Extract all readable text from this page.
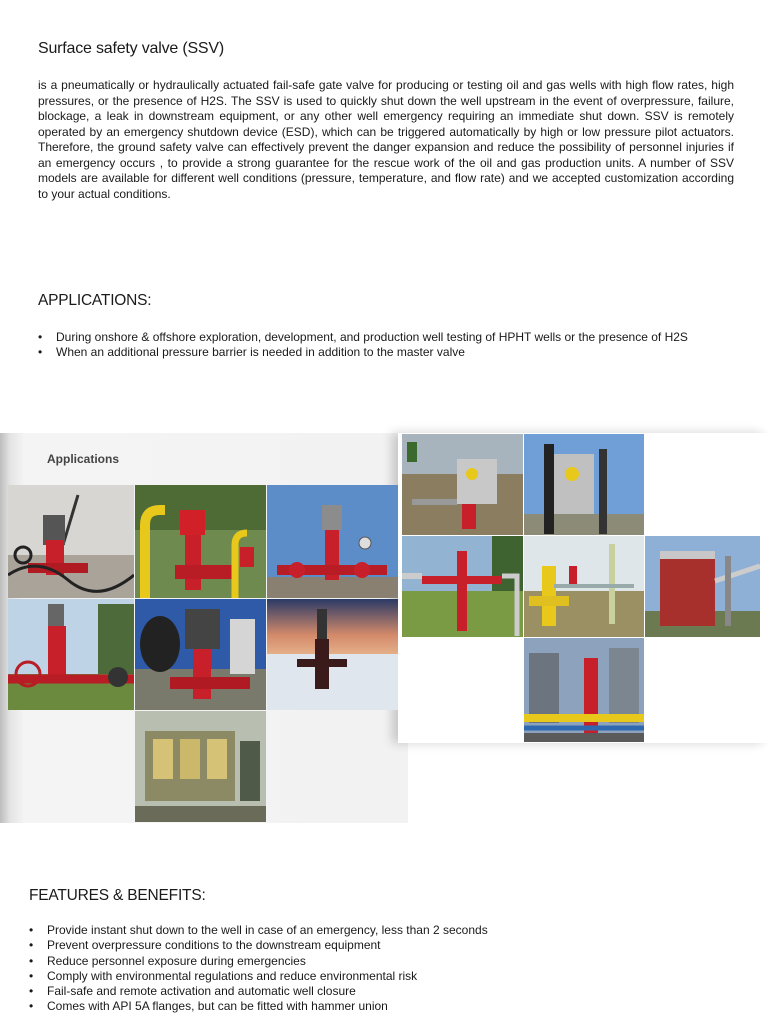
Surface safety valve (SSV)

is a pneumatically or hydraulically actuated fail-safe gate valve for producing or testing oil and gas wells with high flow rates, high pressures, or the presence of H2S. The SSV is used to quickly shut down the well upstream in the event of overpressure, failure, blockage, a leak in downstream equipment, or any other well emergency requiring an immediate shut down. SSV is remotely operated by an emergency shutdown device (ESD), which can be triggered automatically by high or low pressure pilot actuators. Therefore, the ground safety valve can effectively prevent the danger expansion and reduce the possibility of personnel injuries if an emergency occurs , to provide a strong guarantee for the rescue work of the oil and gas production units. A number of SSV models are available for different well conditions (pressure, temperature, and flow rate) and we accepted customization according to your actual conditions.

APPLICATIONS:
• During onshore & offshore exploration, development, and production well testing of HPHT wells or the presence of H2S
• When an additional pressure barrier is needed in addition to the master valve
Applications
FEATURES & BENEFITS:
• Provide instant shut down to the well in case of an emergency, less than 2 seconds
• Prevent overpressure conditions to the downstream equipment
• Reduce personnel exposure during emergencies
• Comply with environmental regulations and reduce environmental risk
• Fail-safe and remote activation and automatic well closure
• Comes with API 5A flanges, but can be fitted with hammer union
